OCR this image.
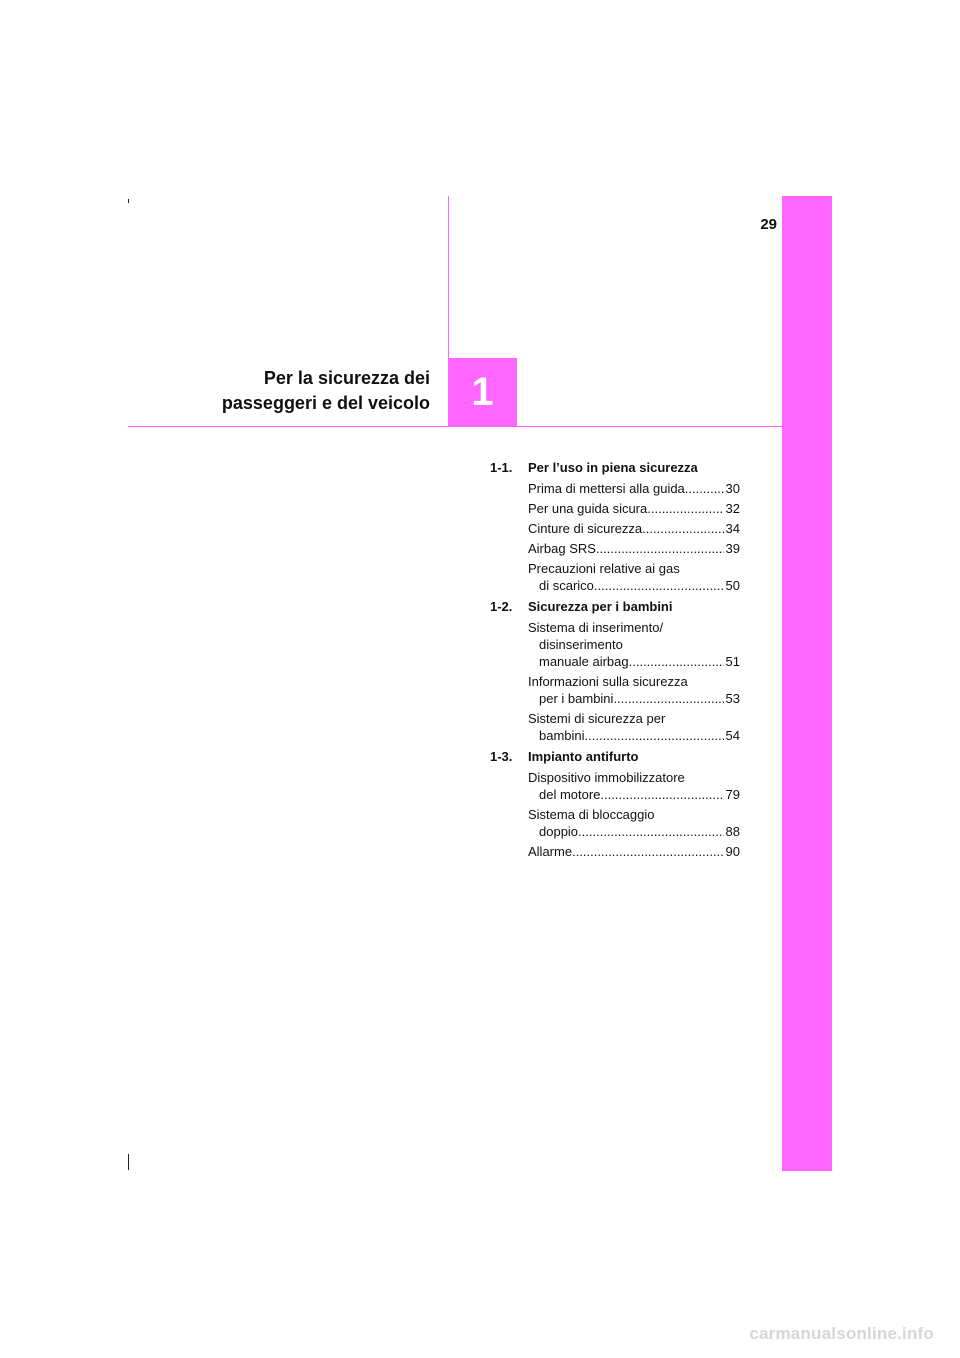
29
Per la sicurezza dei
passeggeri e del veicolo 1
1-1.	Per l’uso in piena sicurezza
Prima di mettersi alla guida .....	30
Per una guida sicura .....	32
Cinture di sicurezza .....	34
Airbag SRS .....	39
Precauzioni relative ai gas
di scarico .....	50
1-2.	Sicurezza per i bambini
Sistema di inserimento/
disinserimento
manuale airbag .....	51
Informazioni sulla sicurezza
per i bambini .....	53
Sistemi di sicurezza per
bambini .....	54
1-3.	Impianto antifurto
Dispositivo immobilizzatore
del motore .....	79
Sistema di bloccaggio
doppio .....	88
Allarme .....	90
carmanualsonline.info
